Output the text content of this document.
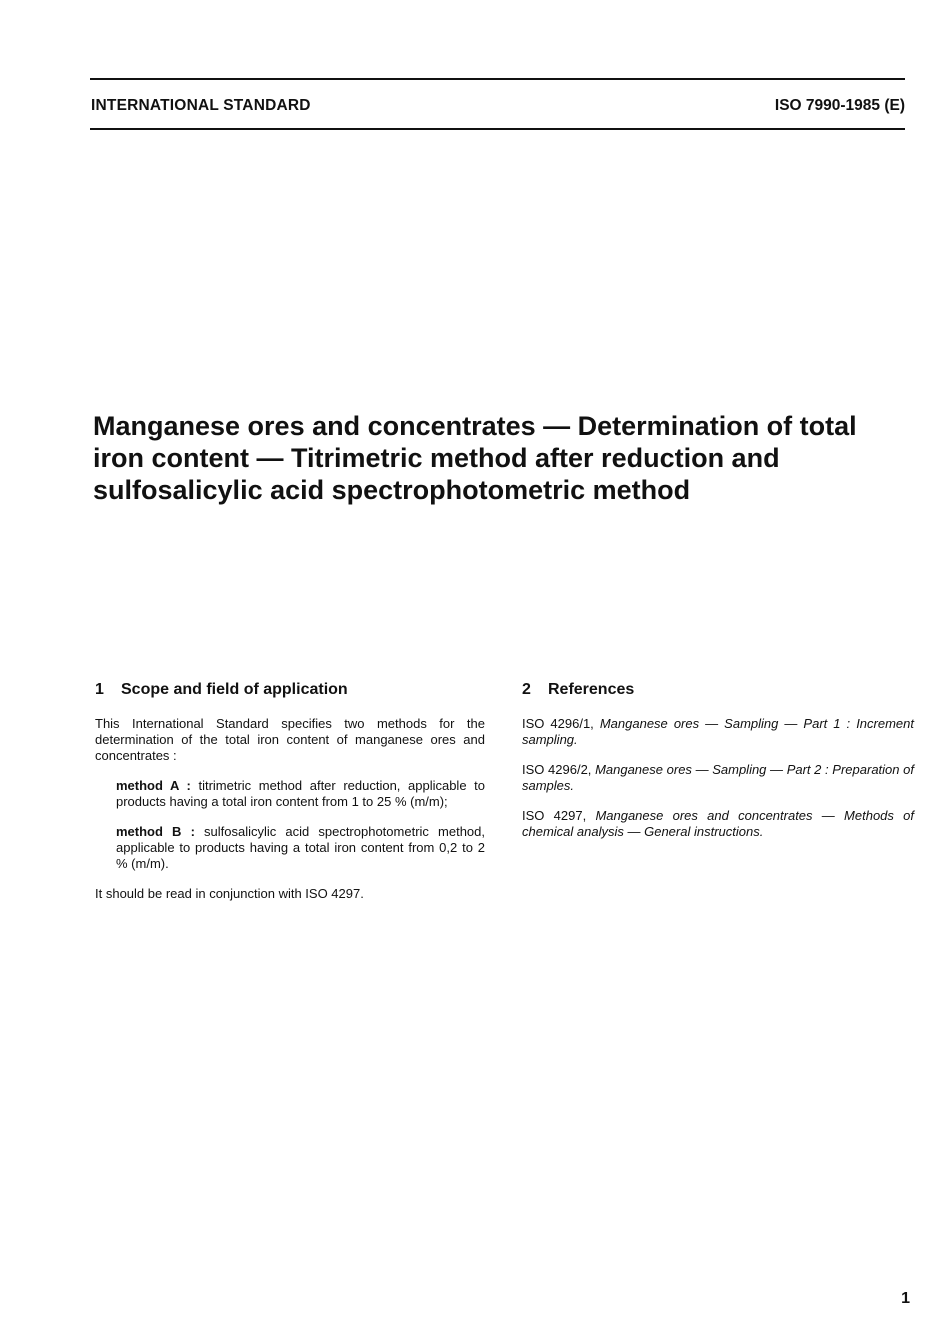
INTERNATIONAL STANDARD	ISO 7990-1985 (E)
Manganese ores and concentrates — Determination of total iron content — Titrimetric method after reduction and sulfosalicylic acid spectrophotometric method
1 Scope and field of application

This International Standard specifies two methods for the determination of the total iron content of manganese ores and concentrates :

method A : titrimetric method after reduction, applicable to products having a total iron content from 1 to 25 % (m/m);

method B : sulfosalicylic acid spectrophotometric method, applicable to products having a total iron content from 0,2 to 2 % (m/m).

It should be read in conjunction with ISO 4297.

2 References

ISO 4296/1, Manganese ores — Sampling — Part 1 : Increment sampling.

ISO 4296/2, Manganese ores — Sampling — Part 2 : Preparation of samples.

ISO 4297, Manganese ores and concentrates — Methods of chemical analysis — General instructions.

1
